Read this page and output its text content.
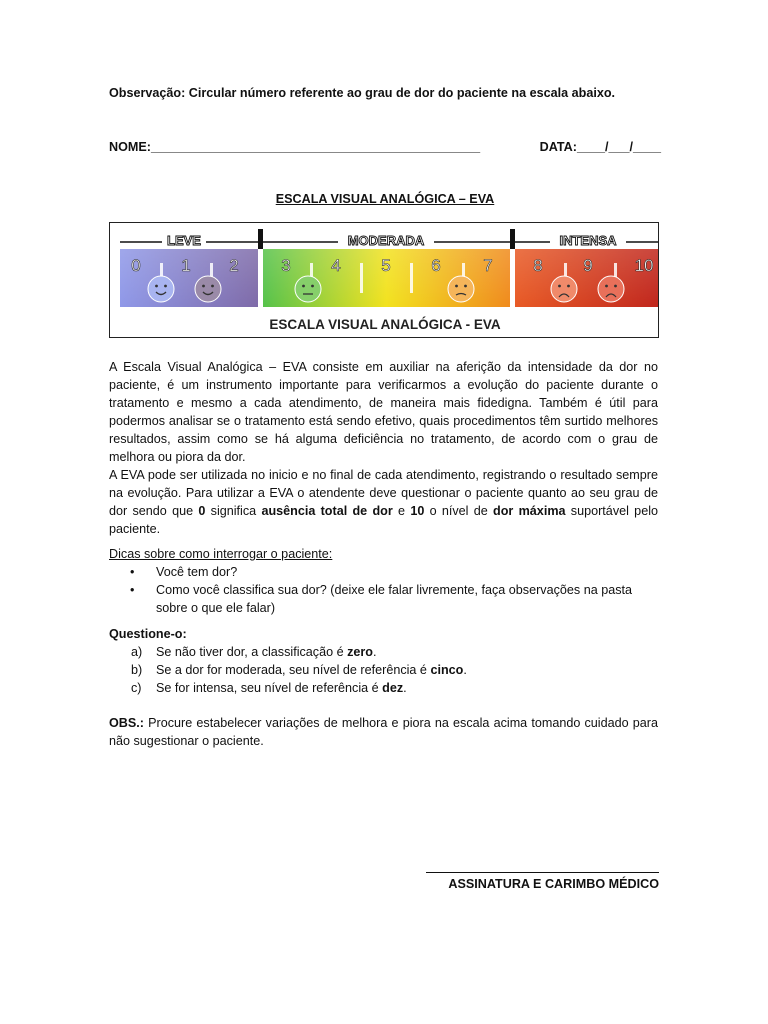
Observação: Circular número referente ao grau de dor do paciente na escala abaixo.
NOME:_______________________________________________	DATA:____/___/____
ESCALA VISUAL ANALÓGICA – EVA
LEVE	MODERADA	INTENSA
0 1 2	3 4 5 6	7 8 9 10
ESCALA VISUAL ANALÓGICA - EVA

A Escala Visual Analógica – EVA consiste em auxiliar na aferição da intensidade da dor no paciente, é um instrumento importante para verificarmos a evolução do paciente durante o tratamento e mesmo a cada atendimento, de maneira mais fidedigna. Também é útil para podermos analisar se o tratamento está sendo efetivo, quais procedimentos têm surtido melhores resultados, assim como se há alguma deficiência no tratamento, de acordo com o grau de melhora ou piora da dor.

A EVA pode ser utilizada no inicio e no final de cada atendimento, registrando o resultado sempre na evolução. Para utilizar a EVA o atendente deve questionar o paciente quanto ao seu grau de dor sendo que 0 significa ausência total de dor e 10 o nível de dor máxima suportável pelo paciente.

Dicas sobre como interrogar o paciente:
• Você tem dor?
• Como você classifica sua dor? (deixe ele falar livremente, faça observações na pasta sobre o que ele falar)
Questione-o:
a) Se não tiver dor, a classificação é zero.
b) Se a dor for moderada, seu nível de referência é cinco.
c) Se for intensa, seu nível de referência é dez.
OBS.: Procure estabelecer variações de melhora e piora na escala acima tomando cuidado para não sugestionar o paciente.
ASSINATURA E CARIMBO MÉDICO
